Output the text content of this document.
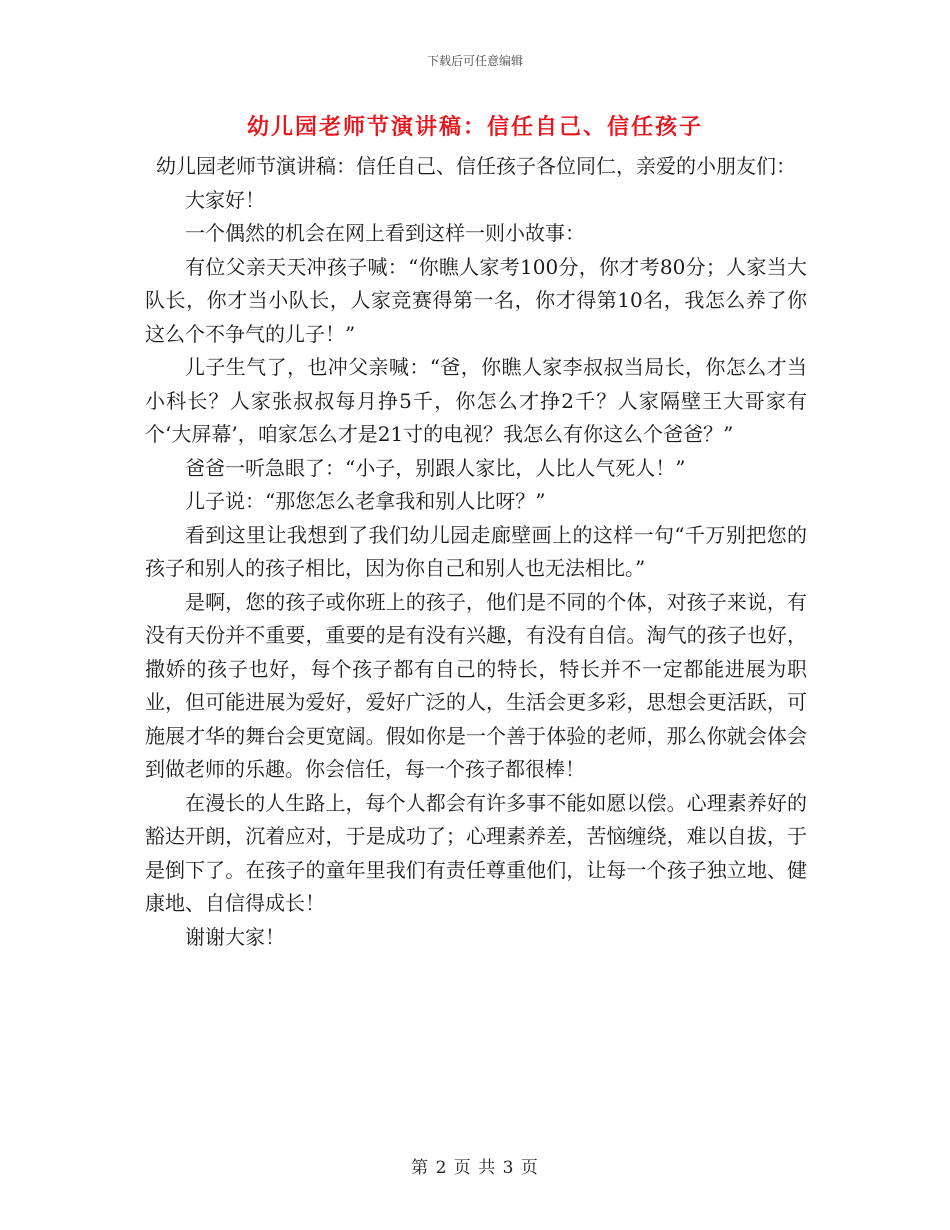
下载后可任意编辑
幼儿园老师节演讲稿：信任自己、信任孩子

幼儿园老师节演讲稿：信任自己、信任孩子各位同仁，亲爱的小朋友们：

大家好！

一个偶然的机会在网上看到这样一则小故事：

有位父亲天天冲孩子喊：“你瞧人家考100分，你才考80分；人家当大队长，你才当小队长，人家竞赛得第一名，你才得第10名，我怎么养了你这么个不争气的儿子！”

儿子生气了，也冲父亲喊：“爸，你瞧人家李叔叔当局长，你怎么才当小科长？人家张叔叔每月挣5千，你怎么才挣2千？人家隔壁王大哥家有个‘大屏幕’，咱家怎么才是21寸的电视？我怎么有你这么个爸爸？”

爸爸一听急眼了：“小子，别跟人家比，人比人气死人！”

儿子说：“那您怎么老拿我和别人比呀？”

看到这里让我想到了我们幼儿园走廊壁画上的这样一句“千万别把您的孩子和别人的孩子相比，因为你自己和别人也无法相比。”

是啊，您的孩子或你班上的孩子，他们是不同的个体，对孩子来说，有没有天份并不重要，重要的是有没有兴趣，有没有自信。淘气的孩子也好，撒娇的孩子也好，每个孩子都有自己的特长，特长并不一定都能进展为职业，但可能进展为爱好，爱好广泛的人，生活会更多彩，思想会更活跃，可施展才华的舞台会更宽阔。假如你是一个善于体验的老师，那么你就会体会到做老师的乐趣。你会信任，每一个孩子都很棒！

在漫长的人生路上，每个人都会有许多事不能如愿以偿。心理素养好的豁达开朗，沉着应对，于是成功了；心理素养差，苦恼缠绕，难以自拔，于是倒下了。在孩子的童年里我们有责任尊重他们，让每一个孩子独立地、健康地、自信得成长！

谢谢大家！

第 2 页 共 3 页
